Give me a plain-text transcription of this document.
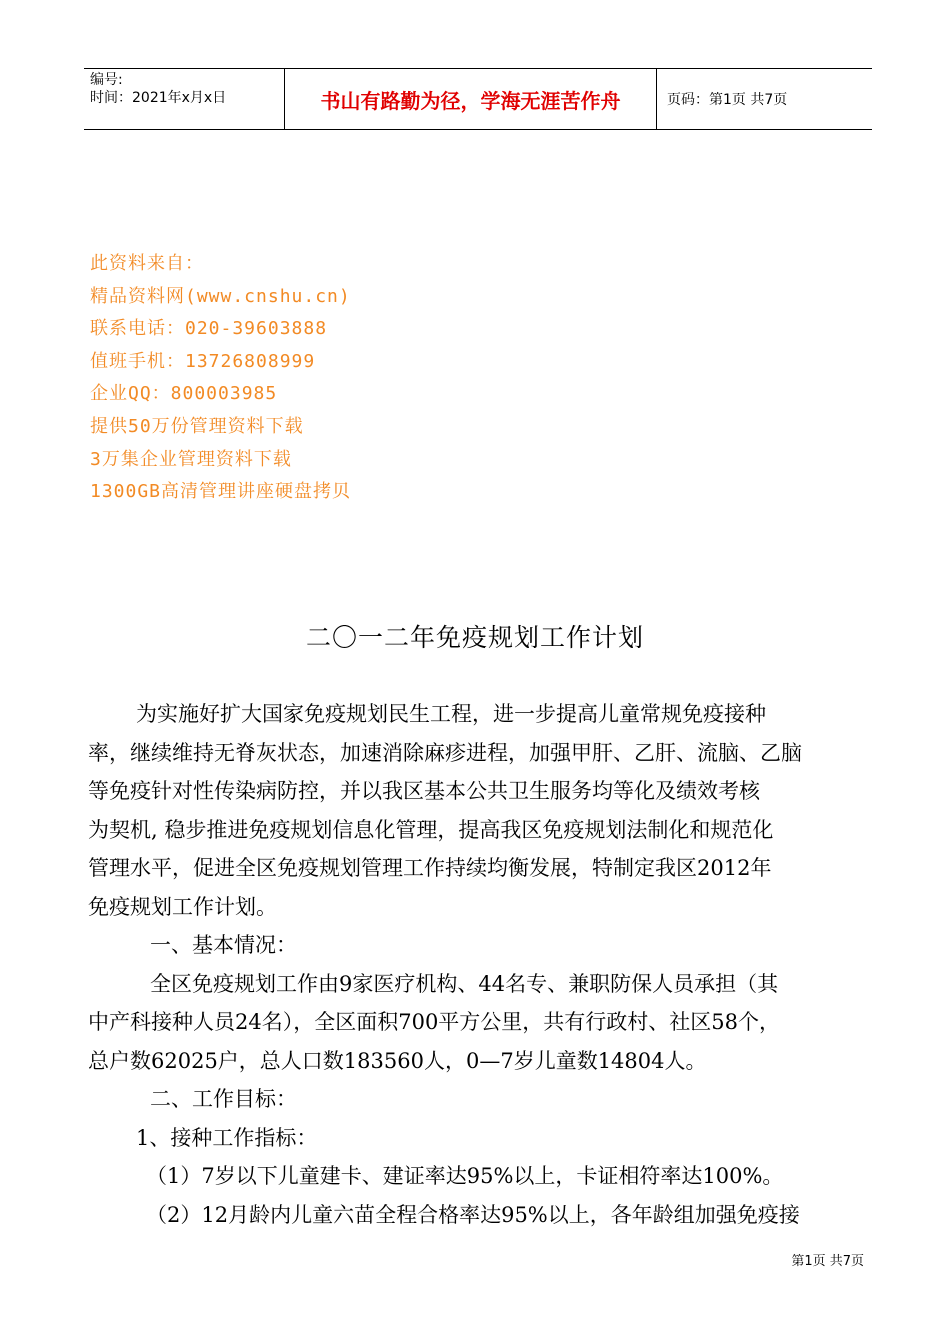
编号:
时间：2021年x月x日	书山有路勤为径，学海无涯苦作舟	页码：第1页 共7页
此资料来自：
精品资料网(www.cnshu.cn)
联系电话：020-39603888
值班手机：13726808999
企业QQ：800003985
提供50万份管理资料下载
3万集企业管理资料下载
1300GB高清管理讲座硬盘拷贝
二〇一二年免疫规划工作计划
为实施好扩大国家免疫规划民生工程，进一步提高儿童常规免疫接种
率，继续维持无脊灰状态，加速消除麻疹进程，加强甲肝、乙肝、流脑、乙脑
等免疫针对性传染病防控，并以我区基本公共卫生服务均等化及绩效考核
为契机, 稳步推进免疫规划信息化管理，提高我区免疫规划法制化和规范化
管理水平，促进全区免疫规划管理工作持续均衡发展，特制定我区2012年
免疫规划工作计划。
一、基本情况：
全区免疫规划工作由9家医疗机构、44名专、兼职防保人员承担（其
中产科接种人员24名），全区面积700平方公里，共有行政村、社区58个，
总户数62025户，总人口数183560人，0—7岁儿童数14804人。
二、工作目标：
1、接种工作指标：
（1）7岁以下儿童建卡、建证率达95%以上，卡证相符率达100%。
（2）12月龄内儿童六苗全程合格率达95%以上，各年龄组加强免疫接
第1页 共7页
